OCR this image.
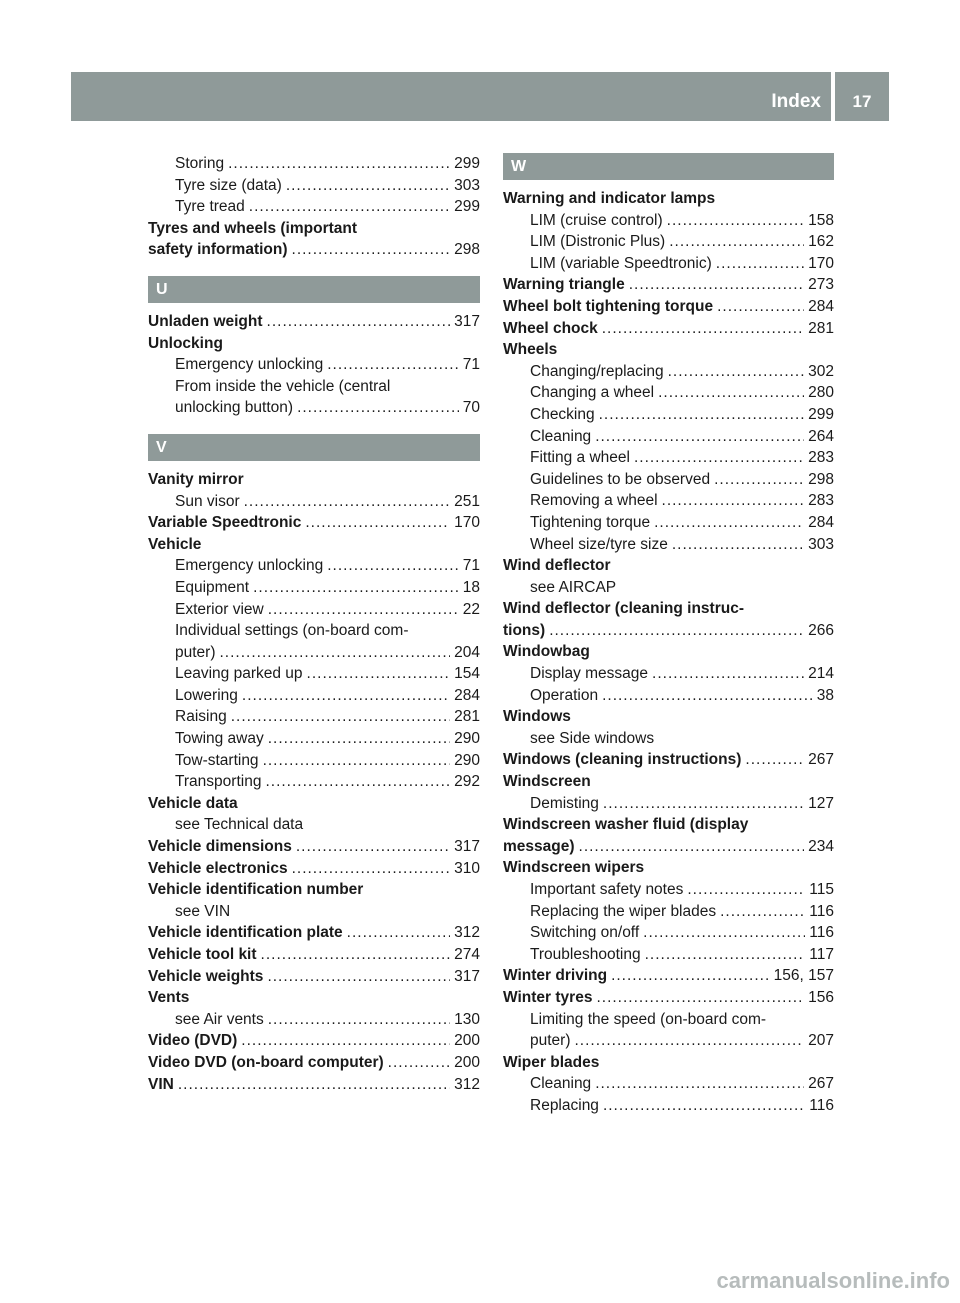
Index	17
Storing .....	299
Tyre size (data) .....	303
Tyre tread .....	299
Tyres and wheels (important
safety information) .....	298
U
Unladen weight .....	317
Unlocking
Emergency unlocking .....	71
From inside the vehicle (central
unlocking button) .....	70
V
Vanity mirror
Sun visor .....	251
Variable Speedtronic .....	170
Vehicle
Emergency unlocking .....	71
Equipment .....	18
Exterior view .....	22
Individual settings (on-board com-
puter) .....	204
Leaving parked up .....	154
Lowering .....	284
Raising .....	281
Towing away .....	290
Tow-starting .....	290
Transporting .....	292
Vehicle data
see Technical data
Vehicle dimensions .....	317
Vehicle electronics .....	310
Vehicle identification number
see VIN
Vehicle identification plate .....	312
Vehicle tool kit .....	274
Vehicle weights .....	317
Vents
see Air vents .....	130
Video (DVD) .....	200
Video DVD (on-board computer) .....	200
VIN .....	312
W
Warning and indicator lamps
LIM (cruise control) .....	158
LIM (Distronic Plus) .....	162
LIM (variable Speedtronic) .....	170
Warning triangle .....	273
Wheel bolt tightening torque .....	284
Wheel chock .....	281
Wheels
Changing/replacing .....	302
Changing a wheel .....	280
Checking .....	299
Cleaning .....	264
Fitting a wheel .....	283
Guidelines to be observed .....	298
Removing a wheel .....	283
Tightening torque .....	284
Wheel size/tyre size .....	303
Wind deflector
see AIRCAP
Wind deflector (cleaning instruc-
tions) .....	266
Windowbag
Display message .....	214
Operation .....	38
Windows
see Side windows
Windows (cleaning instructions) .....	267
Windscreen
Demisting .....	127
Windscreen washer fluid (display
message) .....	234
Windscreen wipers
Important safety notes .....	115
Replacing the wiper blades .....	116
Switching on/off .....	116
Troubleshooting .....	117
Winter driving .....	156, 157
Winter tyres .....	156
Limiting the speed (on-board com-
puter) .....	207
Wiper blades
Cleaning .....	267
Replacing .....	116
carmanualsonline.info
